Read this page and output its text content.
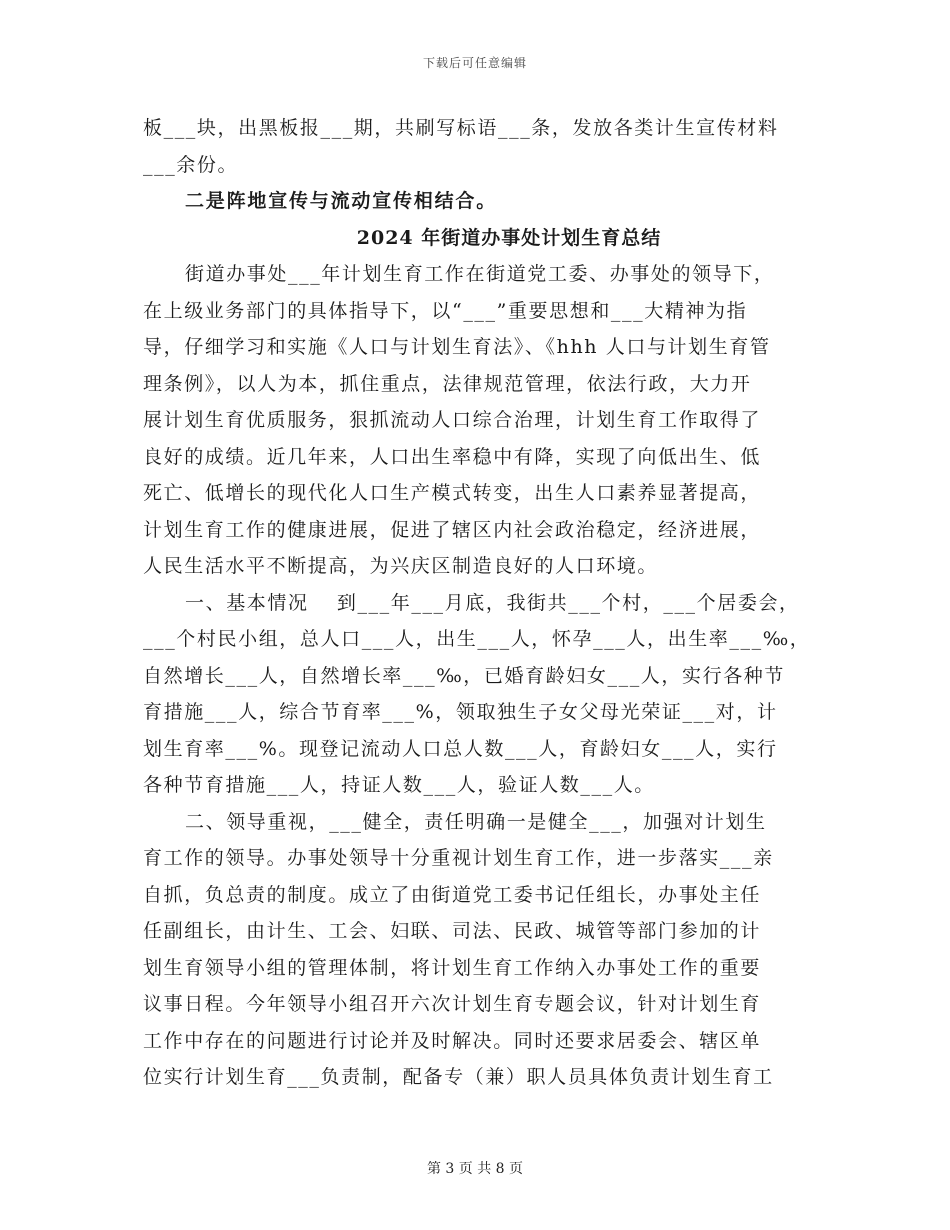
下载后可任意编辑
板___块，出黑板报___期，共刷写标语___条，发放各类计生宣传材料
___余份。
二是阵地宣传与流动宣传相结合。
2024 年街道办事处计划生育总结
街道办事处___年计划生育工作在街道党工委、办事处的领导下，
在上级业务部门的具体指导下，以“___”重要思想和___大精神为指
导，仔细学习和实施《人口与计划生育法》、《hhh 人口与计划生育管
理条例》，以人为本，抓住重点，法律规范管理，依法行政，大力开
展计划生育优质服务，狠抓流动人口综合治理，计划生育工作取得了
良好的成绩。近几年来，人口出生率稳中有降，实现了向低出生、低
死亡、低增长的现代化人口生产模式转变，出生人口素养显著提高，
计划生育工作的健康进展，促进了辖区内社会政治稳定，经济进展，
人民生活水平不断提高，为兴庆区制造良好的人口环境。
一、基本情况　 到___年___月底，我街共___个村，___个居委会，
___个村民小组，总人口___人，出生___人，怀孕___人，出生率___‰，
自然增长___人，自然增长率___‰，已婚育龄妇女___人，实行各种节
育措施___人，综合节育率___%，领取独生子女父母光荣证___对，计
划生育率___%。现登记流动人口总人数___人，育龄妇女___人，实行
各种节育措施___人，持证人数___人，验证人数___人。
二、领导重视，___健全，责任明确一是健全___，加强对计划生
育工作的领导。办事处领导十分重视计划生育工作，进一步落实___亲
自抓，负总责的制度。成立了由街道党工委书记任组长，办事处主任
任副组长，由计生、工会、妇联、司法、民政、城管等部门参加的计
划生育领导小组的管理体制，将计划生育工作纳入办事处工作的重要
议事日程。今年领导小组召开六次计划生育专题会议，针对计划生育
工作中存在的问题进行讨论并及时解决。同时还要求居委会、辖区单
位实行计划生育___负责制，配备专（兼）职人员具体负责计划生育工
第 3 页 共 8 页
